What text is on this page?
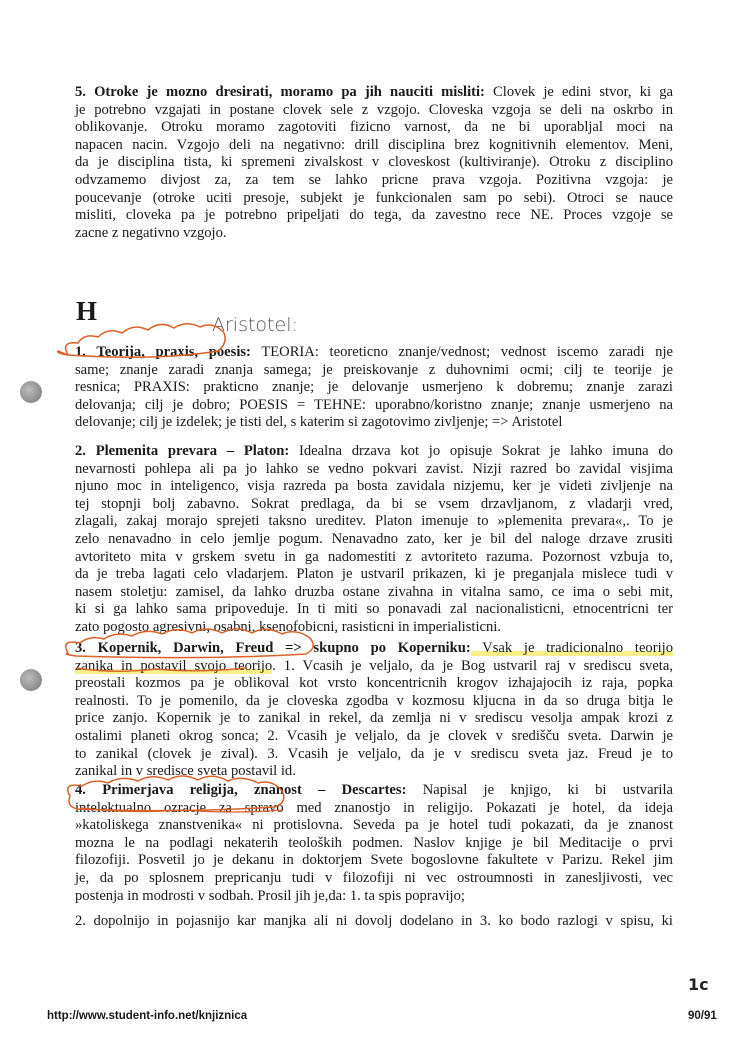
5. Otroke je mozno dresirati, moramo pa jih nauciti misliti: Clovek je edini stvor, ki ga
je potrebno vzgajati in postane clovek sele z vzgojo. Cloveska vzgoja se deli na oskrbo in
oblikovanje. Otroku moramo zagotoviti fizicno varnost, da ne bi uporabljal moci na
napacen nacin. Vzgojo deli na negativno: drill disciplina brez kognitivnih elementov. Meni,
da je disciplina tista, ki spremeni zivalskost v cloveskost (kultiviranje). Otroku z disciplino
odvzamemo divjost za, za tem se lahko pricne prava vzgoja. Pozitivna vzgoja: je
poucevanje (otroke uciti presoje, subjekt je funkcionalen sam po sebi). Otroci se nauce
misliti, cloveka pa je potrebno pripeljati do tega, da zavestno rece NE. Proces vzgoje se
zacne z negativno vzgojo.
H	Aristotel:
1. Teorija, praxis, poesis: TEORIA: teoreticno znanje/vednost; vednost iscemo zaradi nje
same; znanje zaradi znanja samega; je preiskovanje z duhovnimi ocmi; cilj te teorije je
resnica; PRAXIS: prakticno znanje; je delovanje usmerjeno k dobremu; znanje zarazi
delovanja; cilj je dobro; POESIS = TEHNE: uporabno/koristno znanje; znanje usmerjeno na
delovanje; cilj je izdelek; je tisti del, s katerim si zagotovimo zivljenje; => Aristotel
2. Plemenita prevara – Platon: Idealna drzava kot jo opisuje Sokrat je lahko imuna do
nevarnosti pohlepa ali pa jo lahko se vedno pokvari zavist. Nizji razred bo zavidal visjima
njuno moc in inteligenco, visja razreda pa bosta zavidala nizjemu, ker je videti zivljenje na
tej stopnji bolj zabavno. Sokrat predlaga, da bi se vsem drzavljanom, z vladarji vred,
zlagali, zakaj morajo sprejeti taksno ureditev. Platon imenuje to »plemenita prevara«,. To je
zelo nenavadno in celo jemlje pogum. Nenavadno zato, ker je bil del naloge drzave zrusiti
avtoriteto mita v grskem svetu in ga nadomestiti z avtoriteto razuma. Pozornost vzbuja to,
da je treba lagati celo vladarjem. Platon je ustvaril prikazen, ki je preganjala mislece tudi v
nasem stoletju: zamisel, da lahko druzba ostane zivahna in vitalna samo, ce ima o sebi mit,
ki si ga lahko sama pripoveduje. In ti miti so ponavadi zal nacionalisticni, etnocentricni ter
zato pogosto agresivni, osabni, ksenofobicni, rasisticni in imperialisticni.
3. Kopernik, Darwin, Freud => skupno po Koperniku: Vsak je tradicionalno teorijo
zanika in postavil svojo teorijo. 1. Vcasih je veljalo, da je Bog ustvaril raj v srediscu sveta,
preostali kozmos pa je oblikoval kot vrsto koncentricnih krogov izhajajocih iz raja, popka
realnosti. To je pomenilo, da je cloveska zgodba v kozmosu kljucna in da so druga bitja le
price zanjo. Kopernik je to zanikal in rekel, da zemlja ni v srediscu vesolja ampak krozi z
ostalimi planeti okrog sonca; 2. Vcasih je veljalo, da je clovek v središču sveta. Darwin je
to zanikal (clovek je zival). 3. Vcasih je veljalo, da je v srediscu sveta jaz. Freud je to
zanikal in v sredisce sveta postavil id.
4. Primerjava religija, znanost – Descartes: Napisal je knjigo, ki bi ustvarila
intelektualno ozracje za spravo med znanostjo in religijo. Pokazati je hotel, da ideja
»katoliskega znanstvenika« ni protislovna. Seveda pa je hotel tudi pokazati, da je znanost
mozna le na podlagi nekaterih teoloških podmen. Naslov knjige je bil Meditacije o prvi
filozofiji. Posvetil jo je dekanu in doktorjem Svete bogoslovne fakultete v Parizu. Rekel jim
je, da po splosnem prepricanju tudi v filozofiji ni vec ostroumnosti in zanesljivosti, vec
postenja in modrosti v sodbah. Prosil jih je,da: 1. ta spis popravijo;
2. dopolnijo in pojasnijo kar manjka ali ni dovolj dodelano in 3. ko bodo razlogi v spisu, ki
1c
http://www.student-info.net/knjiznica	90/91
